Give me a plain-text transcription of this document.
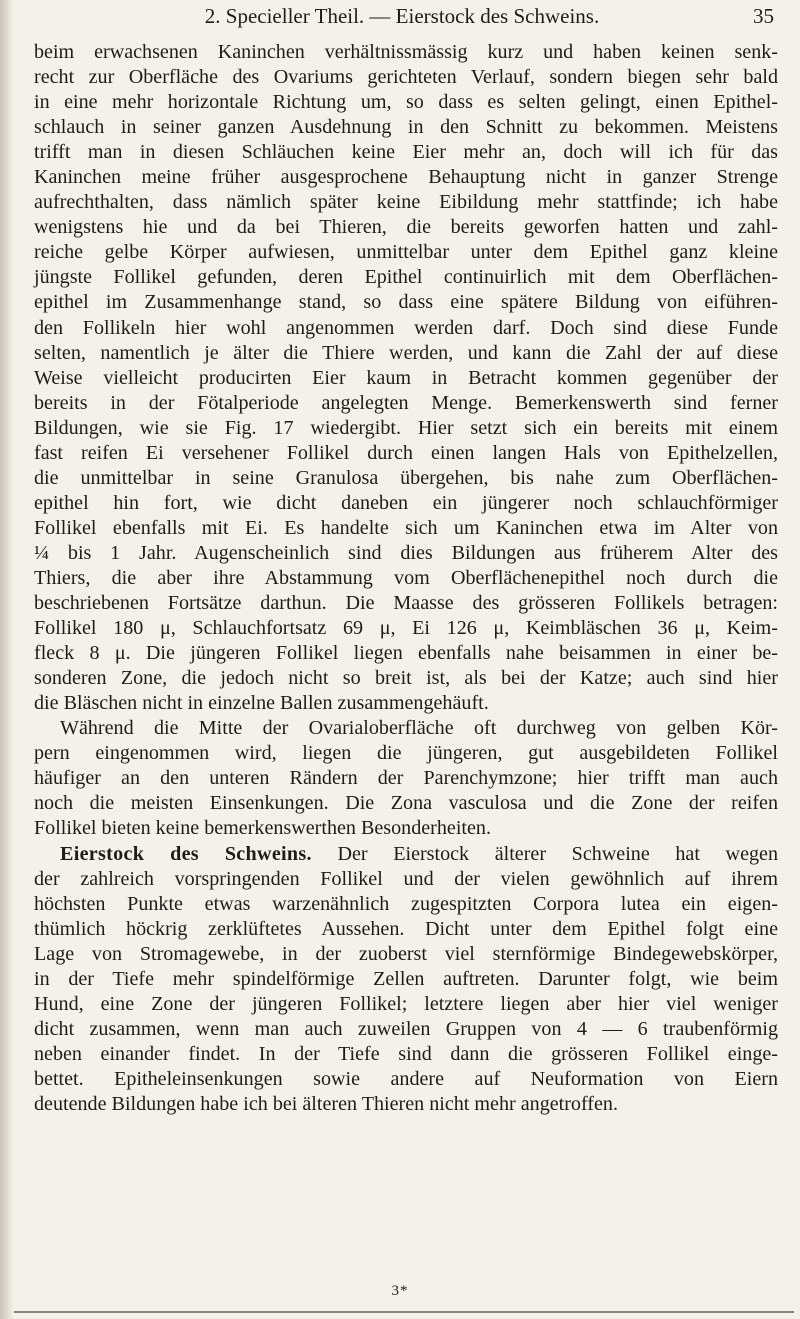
2. Specieller Theil. — Eierstock des Schweins.	35
beim erwachsenen Kaninchen verhältnissmässig kurz und haben keinen senk-
recht zur Oberfläche des Ovariums gerichteten Verlauf, sondern biegen sehr bald
in eine mehr horizontale Richtung um, so dass es selten gelingt, einen Epithel-
schlauch in seiner ganzen Ausdehnung in den Schnitt zu bekommen. Meistens
trifft man in diesen Schläuchen keine Eier mehr an, doch will ich für das
Kaninchen meine früher ausgesprochene Behauptung nicht in ganzer Strenge
aufrechthalten, dass nämlich später keine Eibildung mehr stattfinde; ich habe
wenigstens hie und da bei Thieren, die bereits geworfen hatten und zahl-
reiche gelbe Körper aufwiesen, unmittelbar unter dem Epithel ganz kleine
jüngste Follikel gefunden, deren Epithel continuirlich mit dem Oberflächen-
epithel im Zusammenhange stand, so dass eine spätere Bildung von eiführen-
den Follikeln hier wohl angenommen werden darf. Doch sind diese Funde
selten, namentlich je älter die Thiere werden, und kann die Zahl der auf diese
Weise vielleicht producirten Eier kaum in Betracht kommen gegenüber der
bereits in der Fötalperiode angelegten Menge. Bemerkenswerth sind ferner
Bildungen, wie sie Fig. 17 wiedergibt. Hier setzt sich ein bereits mit einem
fast reifen Ei versehener Follikel durch einen langen Hals von Epithelzellen,
die unmittelbar in seine Granulosa übergehen, bis nahe zum Oberflächen-
epithel hin fort, wie dicht daneben ein jüngerer noch schlauchförmiger
Follikel ebenfalls mit Ei. Es handelte sich um Kaninchen etwa im Alter von
¼ bis 1 Jahr. Augenscheinlich sind dies Bildungen aus früherem Alter des
Thiers, die aber ihre Abstammung vom Oberflächenepithel noch durch die
beschriebenen Fortsätze darthun. Die Maasse des grösseren Follikels betragen:
Follikel 180 μ, Schlauchfortsatz 69 μ, Ei 126 μ, Keimbläschen 36 μ, Keim-
fleck 8 μ. Die jüngeren Follikel liegen ebenfalls nahe beisammen in einer be-
sonderen Zone, die jedoch nicht so breit ist, als bei der Katze; auch sind hier
die Bläschen nicht in einzelne Ballen zusammengehäuft.
Während die Mitte der Ovarialoberfläche oft durchweg von gelben Kör-
pern eingenommen wird, liegen die jüngeren, gut ausgebildeten Follikel
häufiger an den unteren Rändern der Parenchymzone; hier trifft man auch
noch die meisten Einsenkungen. Die Zona vasculosa und die Zone der reifen
Follikel bieten keine bemerkenswerthen Besonderheiten.
Eierstock des Schweins. Der Eierstock älterer Schweine hat wegen
der zahlreich vorspringenden Follikel und der vielen gewöhnlich auf ihrem
höchsten Punkte etwas warzenähnlich zugespitzten Corpora lutea ein eigen-
thümlich höckrig zerklüftetes Aussehen. Dicht unter dem Epithel folgt eine
Lage von Stromagewebe, in der zuoberst viel sternförmige Bindegewebskörper,
in der Tiefe mehr spindelförmige Zellen auftreten. Darunter folgt, wie beim
Hund, eine Zone der jüngeren Follikel; letztere liegen aber hier viel weniger
dicht zusammen, wenn man auch zuweilen Gruppen von 4 — 6 traubenförmig
neben einander findet. In der Tiefe sind dann die grösseren Follikel einge-
bettet. Epitheleinsenkungen sowie andere auf Neuformation von Eiern
deutende Bildungen habe ich bei älteren Thieren nicht mehr angetroffen.
3*
